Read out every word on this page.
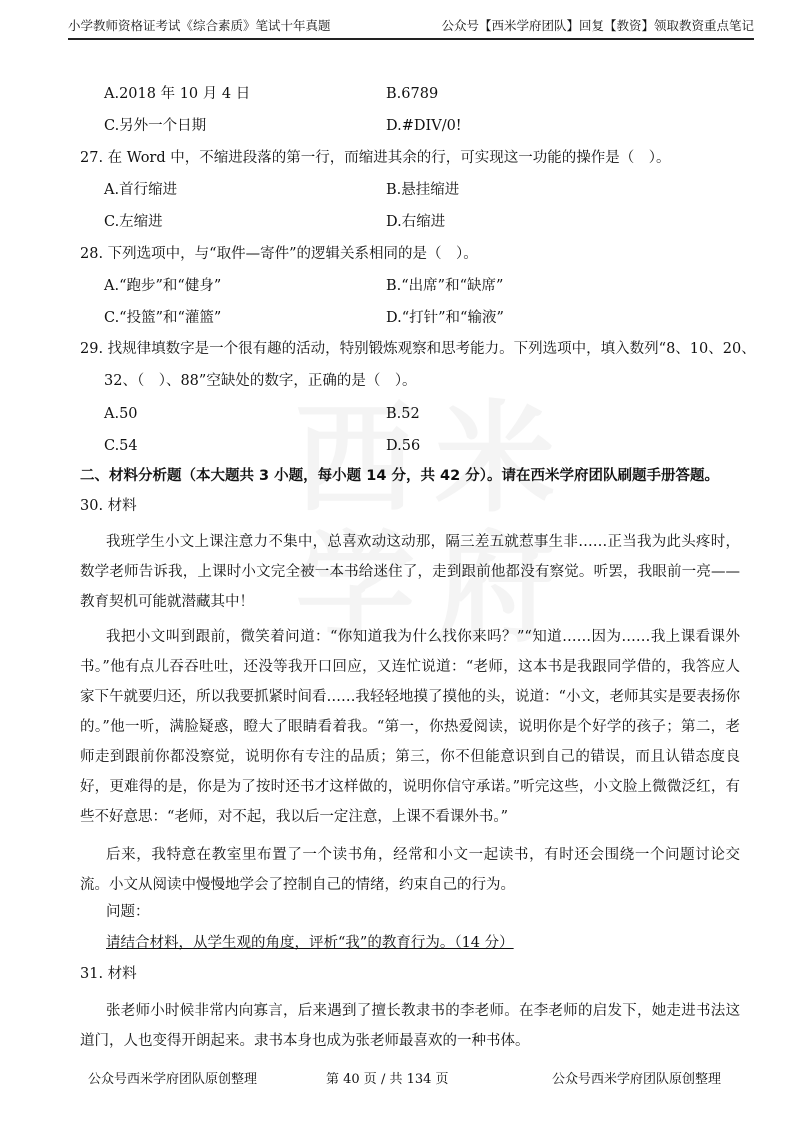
小学教师资格证考试《综合素质》笔试十年真题	公众号【西米学府团队】回复【教资】领取教资重点笔记
A.2018 年 10 月 4 日	B.6789
C.另外一个日期	D.#DIV/0!
27. 在 Word 中，不缩进段落的第一行，而缩进其余的行，可实现这一功能的操作是（　）。
A.首行缩进	B.悬挂缩进
C.左缩进	D.右缩进
28. 下列选项中，与“取件—寄件”的逻辑关系相同的是（　）。
A.“跑步”和“健身”	B.“出席”和“缺席”
C.“投篮”和“灌篮”	D.“打针”和“输液”
29. 找规律填数字是一个很有趣的活动，特别锻炼观察和思考能力。下列选项中，填入数列“8、10、20、
32、（　）、88”空缺处的数字，正确的是（　）。
A.50	B.52
C.54	D.56
二、材料分析题（本大题共 3 小题，每小题 14 分，共 42 分）。请在西米学府团队刷题手册答题。
30. 材料
我班学生小文上课注意力不集中，总喜欢动这动那，隔三差五就惹事生非……正当我为此头疼时，数学老师告诉我，上课时小文完全被一本书给迷住了，走到跟前他都没有察觉。听罢，我眼前一亮——教育契机可能就潜藏其中！
我把小文叫到跟前，微笑着问道：“你知道我为什么找你来吗？”“知道……因为……我上课看课外书。”他有点儿吞吞吐吐，还没等我开口回应，又连忙说道：“老师，这本书是我跟同学借的，我答应人家下午就要归还，所以我要抓紧时间看……我轻轻地摸了摸他的头，说道：“小文，老师其实是要表扬你的。”他一听，满脸疑惑，瞪大了眼睛看着我。“第一，你热爱阅读，说明你是个好学的孩子；第二，老师走到跟前你都没察觉，说明你有专注的品质；第三，你不但能意识到自己的错误，而且认错态度良好，更难得的是，你是为了按时还书才这样做的，说明你信守承诺。”听完这些，小文脸上微微泛红，有些不好意思：“老师，对不起，我以后一定注意，上课不看课外书。”
后来，我特意在教室里布置了一个读书角，经常和小文一起读书，有时还会围绕一个问题讨论交流。小文从阅读中慢慢地学会了控制自己的情绪，约束自己的行为。
问题：
请结合材料，从学生观的角度，评析“我”的教育行为。（14 分）
31. 材料
张老师小时候非常内向寡言，后来遇到了擅长教隶书的李老师。在李老师的启发下，她走进书法这道门，人也变得开朗起来。隶书本身也成为张老师最喜欢的一种书体。
公众号西米学府团队原创整理	第 40 页 / 共 134 页	公众号西米学府团队原创整理
